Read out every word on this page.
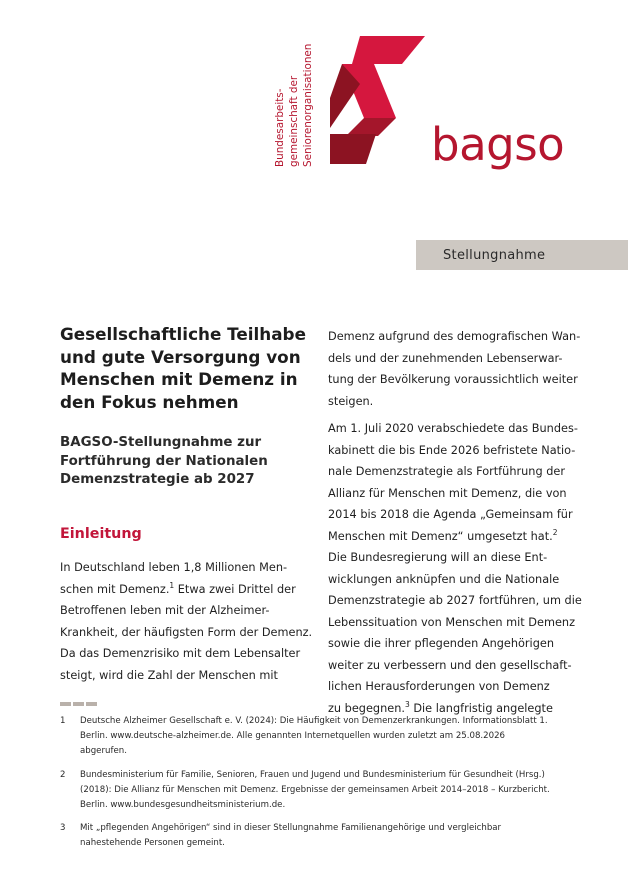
Bundesarbeits- gemeinschaft der Seniorenorganisationen	bagso
Stellungnahme
Gesellschaftliche Teilhabe und gute Versorgung von Menschen mit Demenz in den Fokus nehmen
BAGSO-Stellungnahme zur Fortführung der Nationalen Demenzstrategie ab 2027
Einleitung
In Deutschland leben 1,8 Millionen Men-
schen mit Demenz.$^1$ Etwa zwei Drittel der
Betroffenen leben mit der Alzheimer-
Krankheit, der häufigsten Form der Demenz.
Da das Demenzrisiko mit dem Lebensalter
steigt, wird die Zahl der Menschen mit
Demenz aufgrund des demografischen Wan-
dels und der zunehmenden Lebenserwar-
tung der Bevölkerung voraussichtlich weiter
steigen.
Am 1. Juli 2020 verabschiedete das Bundes-
kabinett die bis Ende 2026 befristete Natio-
nale Demenzstrategie als Fortführung der
Allianz für Menschen mit Demenz, die von
2014 bis 2018 die Agenda „Gemeinsam für
Menschen mit Demenz“ umgesetzt hat.$^2$
Die Bundesregierung will an diese Ent-
wicklungen anknüpfen und die Nationale
Demenzstrategie ab 2027 fortführen, um die
Lebenssituation von Menschen mit Demenz
sowie die ihrer pflegenden Angehörigen
weiter zu verbessern und den gesellschaft-
lichen Herausforderungen von Demenz
zu begegnen.$^3$ Die langfristig angelegte
1	Deutsche Alzheimer Gesellschaft e. V. (2024): Die Häufigkeit von Demenzerkrankungen. Informationsblatt 1.
Berlin. www.deutsche-alzheimer.de. Alle genannten Internetquellen wurden zuletzt am 25.08.2026
abgerufen.
2	Bundesministerium für Familie, Senioren, Frauen und Jugend und Bundesministerium für Gesundheit (Hrsg.)
(2018): Die Allianz für Menschen mit Demenz. Ergebnisse der gemeinsamen Arbeit 2014–2018 – Kurzbericht.
Berlin. www.bundesgesundheitsministerium.de.
3	Mit „pflegenden Angehörigen“ sind in dieser Stellungnahme Familienangehörige und vergleichbar
nahestehende Personen gemeint.
